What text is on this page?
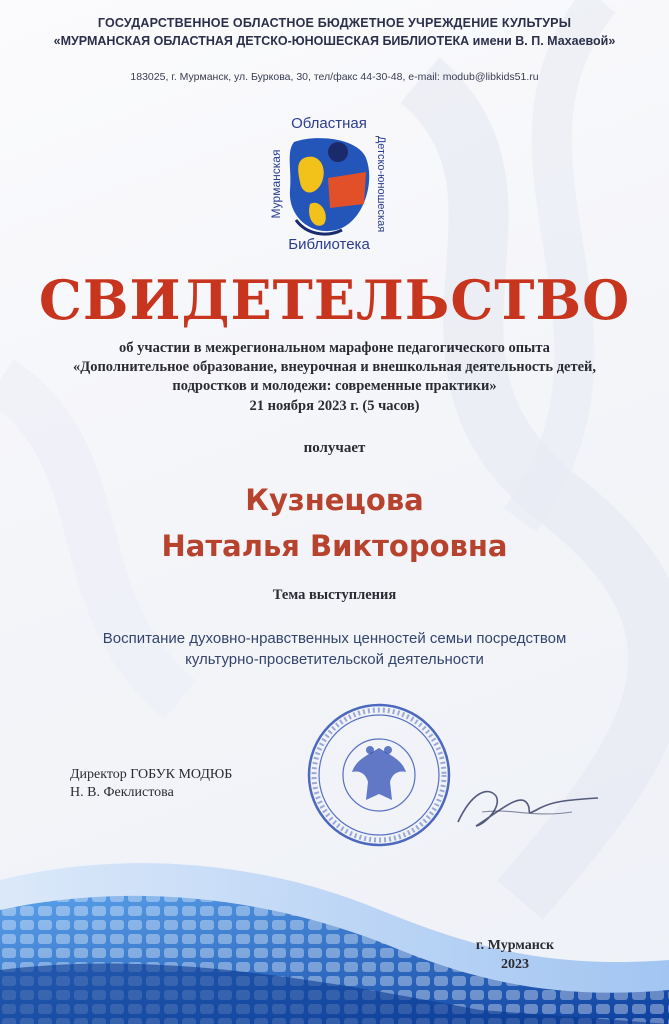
ГОСУДАРСТВЕННОЕ ОБЛАСТНОЕ БЮДЖЕТНОЕ УЧРЕЖДЕНИЕ КУЛЬТУРЫ
«МУРМАНСКАЯ ОБЛАСТНАЯ ДЕТСКО-ЮНОШЕСКАЯ БИБЛИОТЕКА имени В. П. Махаевой»
183025, г. Мурманск, ул. Буркова, 30, тел/факс 44-30-48, e-mail: modub@libkids51.ru
Областная
Мурманская	Детско-юношеская
Библиотека
СВИДЕТЕЛЬСТВО
об участии в межрегиональном марафоне педагогического опыта
«Дополнительное образование, внеурочная и внешкольная деятельность детей,
подростков и молодежи: современные практики»
21 ноября 2023 г. (5 часов)
получает
Кузнецова
Наталья Викторовна
Тема выступления
Воспитание духовно-нравственных ценностей семьи посредством
культурно-просветительской деятельности
Директор ГОБУК МОДЮБ
Н. В. Феклистова
г. Мурманск
2023
